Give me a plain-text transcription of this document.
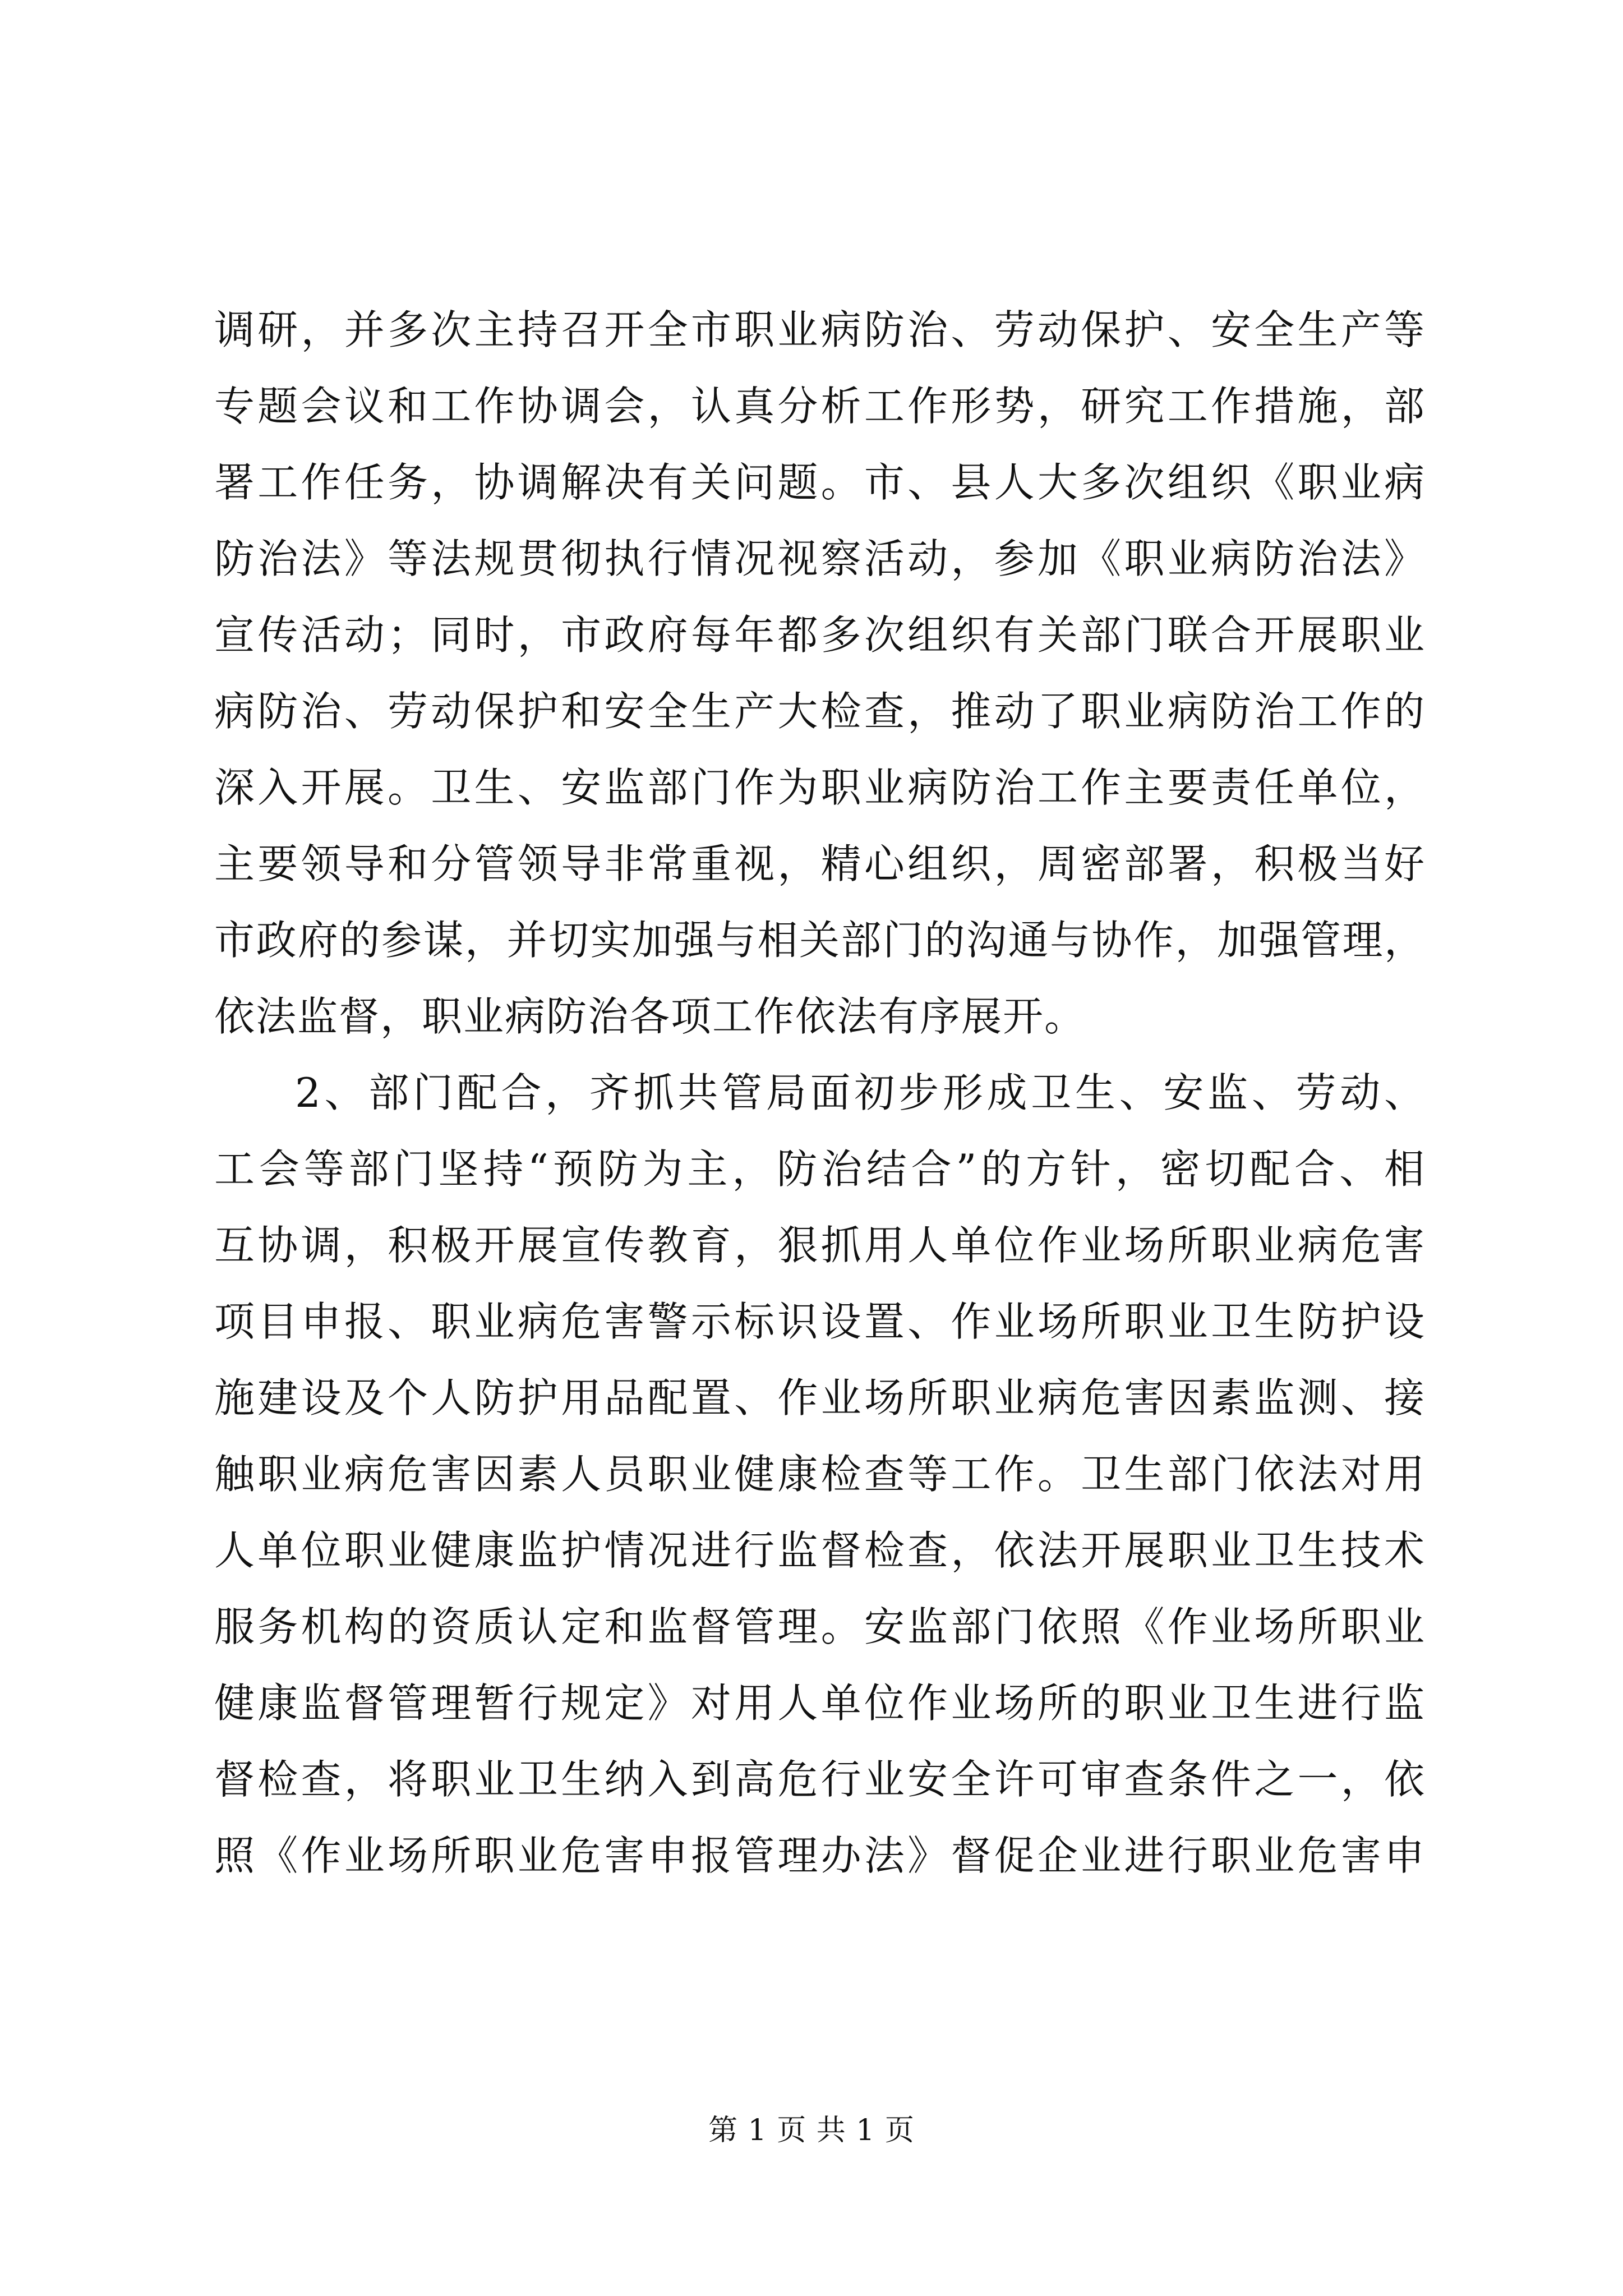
调研，并多次主持召开全市职业病防治、劳动保护、安全生产等
专题会议和工作协调会，认真分析工作形势，研究工作措施，部
署工作任务，协调解决有关问题。市、县人大多次组织《职业病
防治法》等法规贯彻执行情况视察活动，参加《职业病防治法》
宣传活动；同时，市政府每年都多次组织有关部门联合开展职业
病防治、劳动保护和安全生产大检查，推动了职业病防治工作的
深入开展。卫生、安监部门作为职业病防治工作主要责任单位，
主要领导和分管领导非常重视，精心组织，周密部署，积极当好
市政府的参谋，并切实加强与相关部门的沟通与协作，加强管理，
依法监督，职业病防治各项工作依法有序展开。
2、部门配合，齐抓共管局面初步形成卫生、安监、劳动、
工会等部门坚持“预防为主，防治结合”的方针，密切配合、相
互协调，积极开展宣传教育，狠抓用人单位作业场所职业病危害
项目申报、职业病危害警示标识设置、作业场所职业卫生防护设
施建设及个人防护用品配置、作业场所职业病危害因素监测、接
触职业病危害因素人员职业健康检查等工作。卫生部门依法对用
人单位职业健康监护情况进行监督检查，依法开展职业卫生技术
服务机构的资质认定和监督管理。安监部门依照《作业场所职业
健康监督管理暂行规定》对用人单位作业场所的职业卫生进行监
督检查，将职业卫生纳入到高危行业安全许可审查条件之一，依
照《作业场所职业危害申报管理办法》督促企业进行职业危害申
第 1 页 共 1 页
